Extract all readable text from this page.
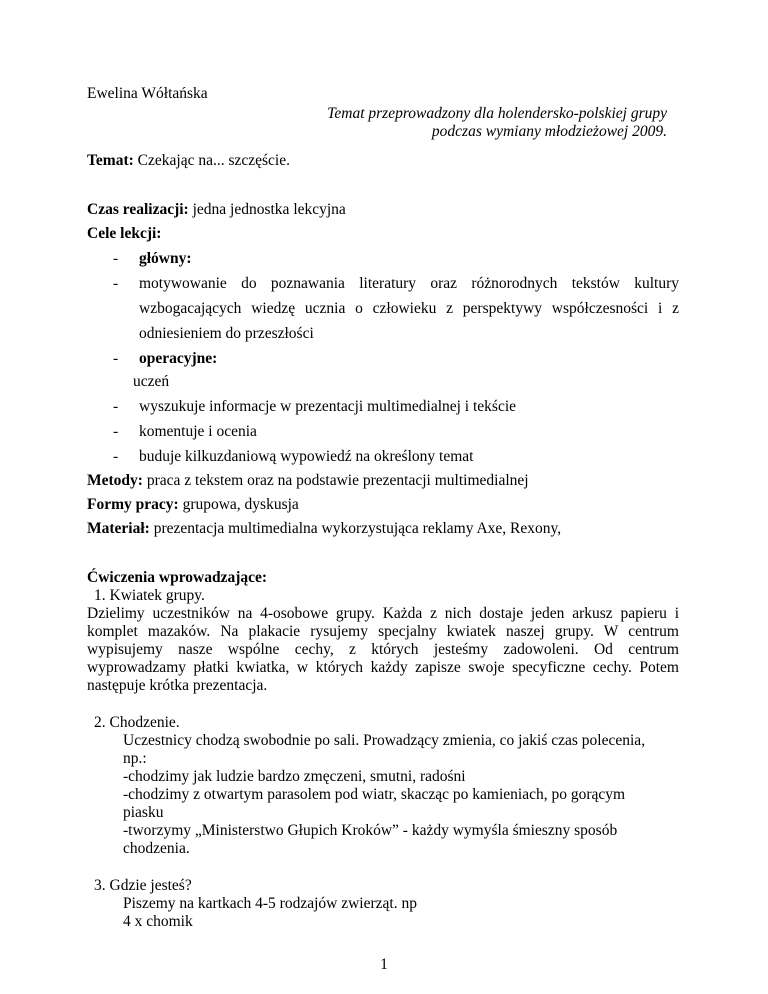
Ewelina Wółtańska
Temat przeprowadzony dla holendersko-polskiej grupy
podczas wymiany młodzieżowej 2009.
Temat: Czekając na... szczęście.
Czas realizacji: jedna jednostka lekcyjna
Cele lekcji:
- główny:
- motywowanie do poznawania literatury oraz różnorodnych tekstów kultury
wzbogacających wiedzę ucznia o człowieku z perspektywy współczesności i z
odniesieniem do przeszłości
- operacyjne:
uczeń
- wyszukuje informacje w prezentacji multimedialnej i tekście
- komentuje i ocenia
- buduje kilkuzdaniową wypowiedź na określony temat
Metody: praca z tekstem oraz na podstawie prezentacji multimedialnej
Formy pracy: grupowa, dyskusja
Materiał: prezentacja multimedialna wykorzystująca reklamy Axe, Rexony,
Ćwiczenia wprowadzające:
1. Kwiatek grupy.
Dzielimy uczestników na 4-osobowe grupy. Każda z nich dostaje jeden arkusz papieru i
komplet mazaków. Na plakacie rysujemy specjalny kwiatek naszej grupy. W centrum
wypisujemy nasze wspólne cechy, z których jesteśmy zadowoleni. Od centrum
wyprowadzamy płatki kwiatka, w których każdy zapisze swoje specyficzne cechy. Potem
następuje krótka prezentacja.
2. Chodzenie.
Uczestnicy chodzą swobodnie po sali. Prowadzący zmienia, co jakiś czas polecenia,
np.:
-chodzimy jak ludzie bardzo zmęczeni, smutni, radośni
-chodzimy z otwartym parasolem pod wiatr, skacząc po kamieniach, po gorącym
piasku
-tworzymy „Ministerstwo Głupich Kroków” - każdy wymyśla śmieszny sposób
chodzenia.
3. Gdzie jesteś?
Piszemy na kartkach 4-5 rodzajów zwierząt. np
4 x chomik
1
